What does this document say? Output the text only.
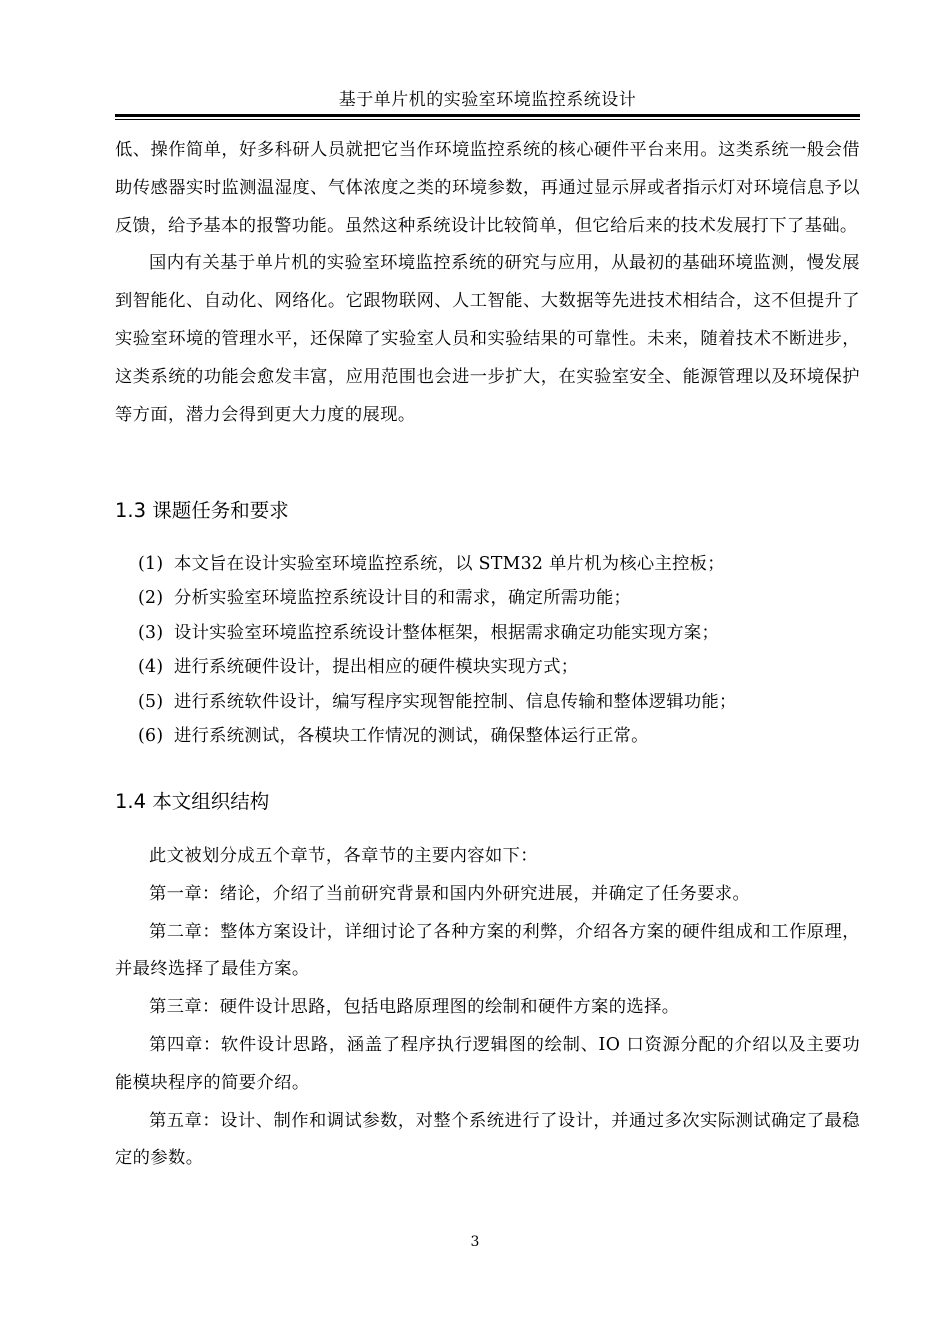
基于单片机的实验室环境监控系统设计

低、操作简单，好多科研人员就把它当作环境监控系统的核心硬件平台来用。这类系统一般会借助传感器实时监测温湿度、气体浓度之类的环境参数，再通过显示屏或者指示灯对环境信息予以反馈，给予基本的报警功能。虽然这种系统设计比较简单，但它给后来的技术发展打下了基础。

国内有关基于单片机的实验室环境监控系统的研究与应用，从最初的基础环境监测，慢发展到智能化、自动化、网络化。它跟物联网、人工智能、大数据等先进技术相结合，这不但提升了实验室环境的管理水平，还保障了实验室人员和实验结果的可靠性。未来，随着技术不断进步，这类系统的功能会愈发丰富，应用范围也会进一步扩大，在实验室安全、能源管理以及环境保护等方面，潜力会得到更大力度的展现。

1.3 课题任务和要求
(1) 本文旨在设计实验室环境监控系统，以 STM32 单片机为核心主控板；
(2) 分析实验室环境监控系统设计目的和需求，确定所需功能；
(3) 设计实验室环境监控系统设计整体框架，根据需求确定功能实现方案；
(4) 进行系统硬件设计，提出相应的硬件模块实现方式；
(5) 进行系统软件设计，编写程序实现智能控制、信息传输和整体逻辑功能；
(6) 进行系统测试，各模块工作情况的测试，确保整体运行正常。
1.4 本文组织结构

此文被划分成五个章节，各章节的主要内容如下：

第一章：绪论，介绍了当前研究背景和国内外研究进展，并确定了任务要求。

第二章：整体方案设计，详细讨论了各种方案的利弊，介绍各方案的硬件组成和工作原理，并最终选择了最佳方案。

第三章：硬件设计思路，包括电路原理图的绘制和硬件方案的选择。

第四章：软件设计思路，涵盖了程序执行逻辑图的绘制、IO 口资源分配的介绍以及主要功能模块程序的简要介绍。

第五章：设计、制作和调试参数，对整个系统进行了设计，并通过多次实际测试确定了最稳定的参数。

3
